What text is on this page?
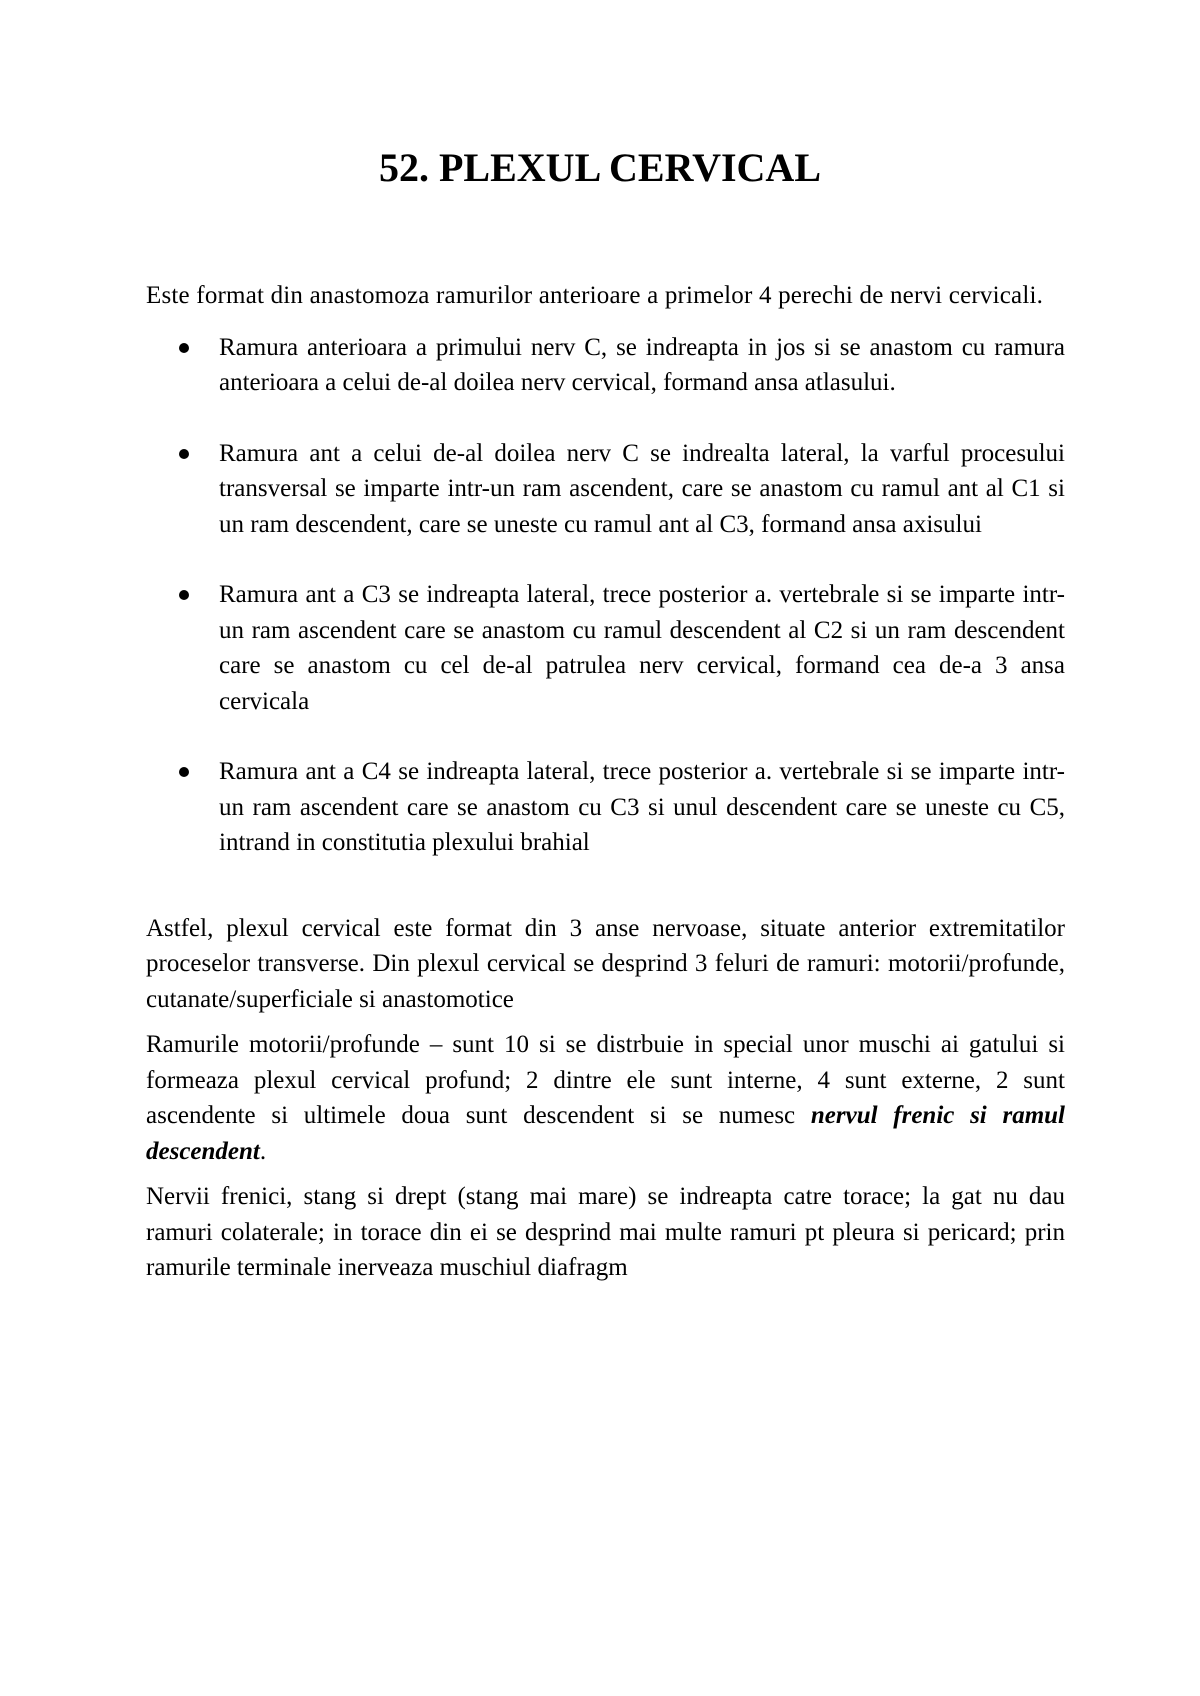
52. PLEXUL CERVICAL

Este format din anastomoza ramurilor anterioare a primelor 4 perechi de nervi cervicali.

Ramura anterioara a primului nerv C, se indreapta in jos si se anastom cu ramura anterioara a celui de-al doilea nerv cervical, formand ansa atlasului.
Ramura ant a celui de-al doilea nerv C se indrealta lateral, la varful procesului transversal se imparte intr-un ram ascendent, care se anastom cu ramul ant al C1 si un ram descendent, care se uneste cu ramul ant al C3, formand ansa axisului
Ramura ant a C3 se indreapta lateral, trece posterior a. vertebrale si se imparte intr-un ram ascendent care se anastom cu ramul descendent al C2 si un ram descendent care se anastom cu cel de-al patrulea nerv cervical, formand cea de-a 3 ansa cervicala
Ramura ant a C4 se indreapta lateral, trece posterior a. vertebrale si se imparte intr-un ram ascendent care se anastom cu C3 si unul descendent care se uneste cu C5, intrand in constitutia plexului brahial

Astfel, plexul cervical este format din 3 anse nervoase, situate anterior extremitatilor proceselor transverse. Din plexul cervical se desprind 3 feluri de ramuri: motorii/profunde, cutanate/superficiale si anastomotice

Ramurile motorii/profunde – sunt 10 si se distrbuie in special unor muschi ai gatului si formeaza plexul cervical profund; 2 dintre ele sunt interne, 4 sunt externe, 2 sunt ascendente si ultimele doua sunt descendent si se numesc nervul frenic si ramul descendent.

Nervii frenici, stang si drept (stang mai mare) se indreapta catre torace; la gat nu dau ramuri colaterale; in torace din ei se desprind mai multe ramuri pt pleura si pericard; prin ramurile terminale inerveaza muschiul diafragm
